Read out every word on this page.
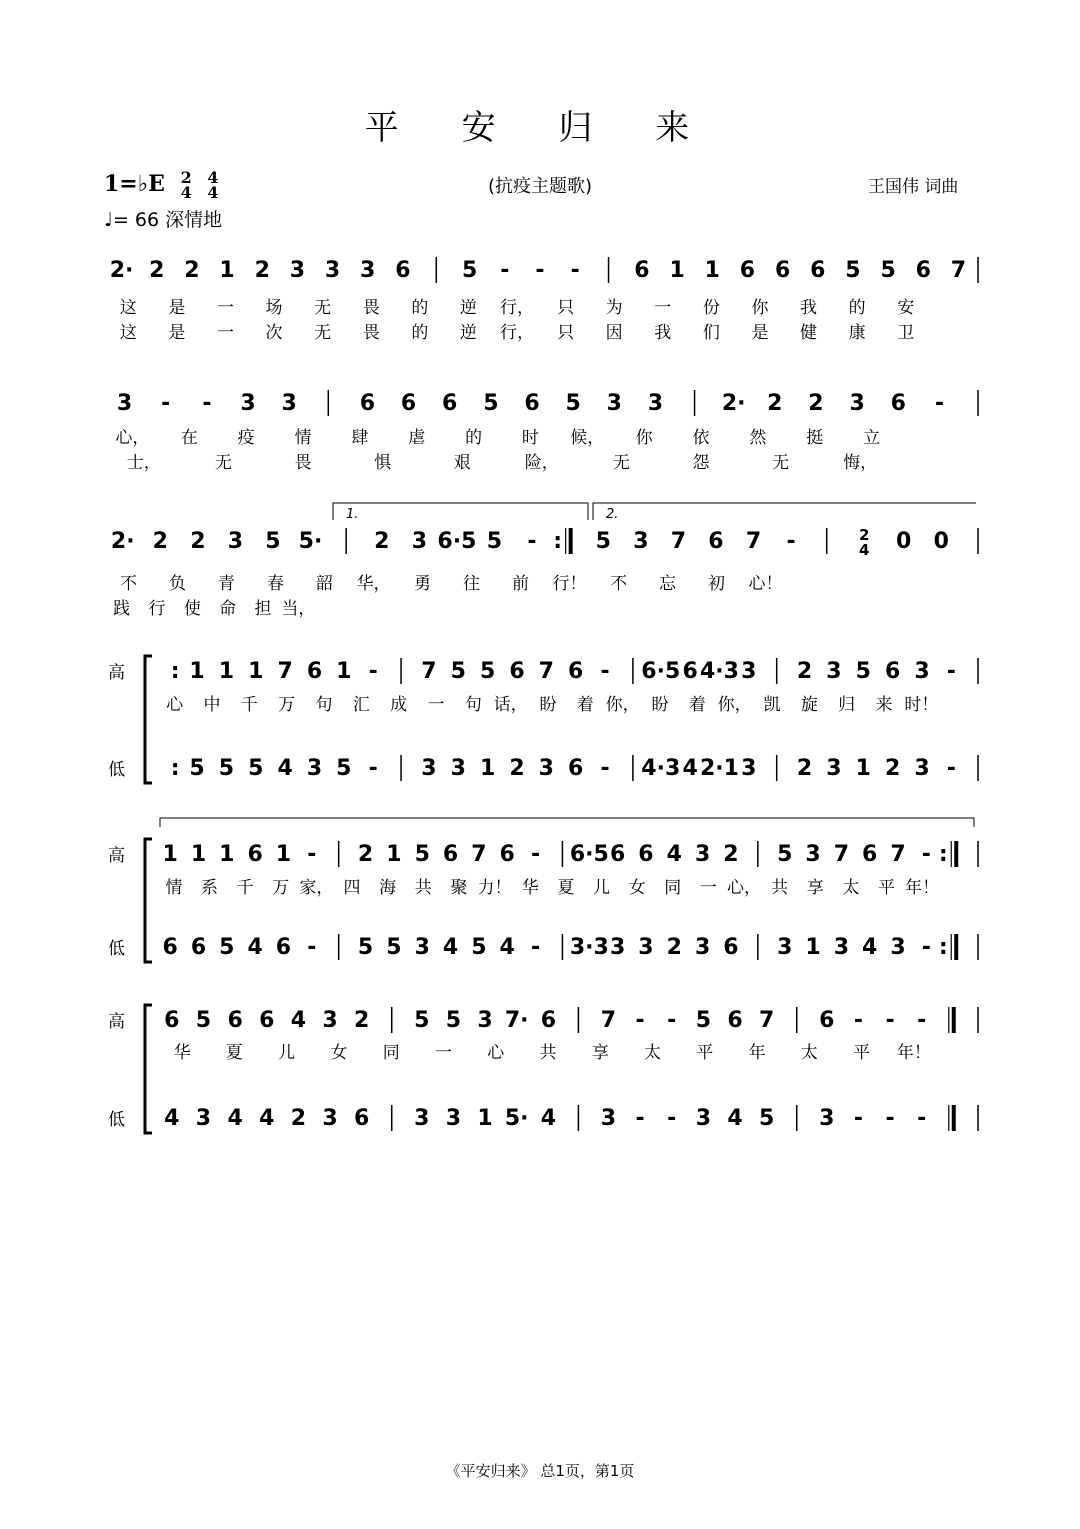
平 安 归 来
1=♭E 2
4

4
4
♩= 66 深情地
(抗疫主题歌)	王国伟 词曲
2· 2 2 1 2 3 3 3 6 5 - - - 6 1 1 6 6 6 5 5 6 7
这 是 一 场 无 畏 的 逆 行， 只 为 一 份 你 我 的 安
这 是 一 次 无 畏 的 逆 行， 只 因 我 们 是 健 康 卫
3 - - 3 3	6 6 6 5 6 5 3 3	2· 2 2 3 6 -
心， 在 疫 情 肆 虐 的 时 候， 你 依 然 挺 立
士，	无	畏	惧	艰	险，	无	怨	无	悔，
1.	2.
2· 2 2 3 5 5· 2 3 6·5 5 - : 5 3 7 6 7 -	2
4 0 0
不 负 青 春 韶 华， 勇 往 前 行！ 不 忘 初 心！
践 行 使 命 担 当，
高
低
: 1 1 1 7 6 1 - 7 5 5 6 7 6 - 6·5 6 4·3 3 2 3 5 6 3 -
心 中 千 万 句 汇 成 一 句 话， 盼 着 你， 盼 着 你， 凯 旋 归 来 时！
: 5 5 5 4 3 5 - 3 3 1 2 3 6 - 4·3 4 2·1 3 2 3 1 2 3 -
高
低
1 1 1 6 1 - 2 1 5 6 7 6 - 6·5 6 6 4 3 2 5 3 7 6 7 - :
情 系 千 万 家， 四 海 共 聚 力！ 华 夏 儿 女 同 一 心， 共 享 太 平 年！
6 6 5 4 6 - 5 5 3 4 5 4 - 3·3 3 3 2 3 6 3 1 3 4 3 - :
高
低
6 5 6 6 4 3 2 5 5 3 7· 6 7 - - 5 6 7 6 - - -
华 夏 儿 女 同 一 心 共 享 太 平 年 太 平 年！
4 3 4 4 2 3 6 3 3 1 5· 4 3 - - 3 4 5 3 - - -
《平安归来》 总1页，第1页
